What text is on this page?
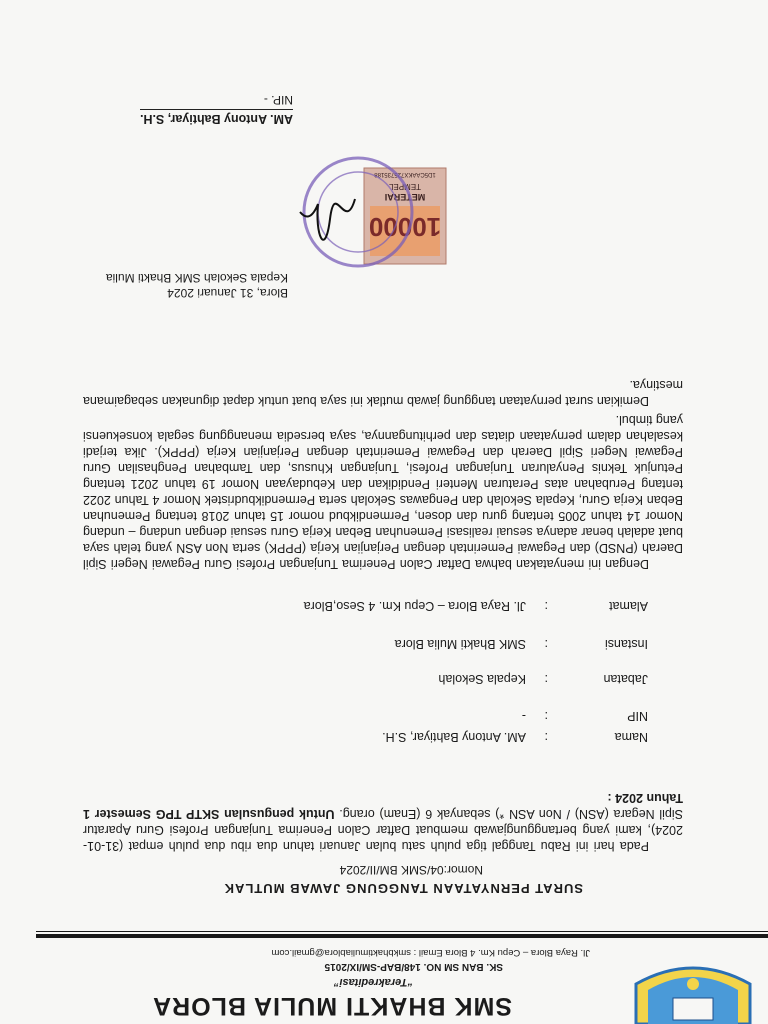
SMK BHAKTI MULIA BLORA
“Terakreditasi”
SK. BAN SM NO. 148/BAP-SM/IX/2015
Jl. Raya Blora – Cepu Km. 4 Blora Email : smkbhaktimuliablora@gmail.com
SURAT PERNYATAAN TANGGUNG JAWAB MUTLAK
Nomor:04/SMK BM/II/2024
Pada hari ini Rabu Tanggal tiga puluh satu bulan Januari tahun dua ribu dua puluh empat (31-01-2024), kami yang bertanggungjawab membuat Daftar Calon Penerima Tunjangan Profesi Guru Aparatur Sipil Negara (ASN) / Non ASN *) sebanyak 6 (Enam) orang. Untuk pengusulan SKTP TPG Semester 1 Tahun 2024 :
Nama:AM. Antony Bahtiyar, S.H.
NIP:-
Jabatan:Kepala Sekolah
Instansi:SMK Bhakti Mulia Blora
Alamat:Jl. Raya Blora – Cepu Km. 4 Seso,Blora
Dengan ini menyatakan bahwa Daftar Calon Penerima Tunjangan Profesi Guru Pegawai Negeri Sipil Daerah (PNSD) dan Pegawai Pemerintah dengan Perjanjian Kerja (PPPK) serta Non ASN yang telah saya buat adalah benar adanya sesuai realisasi Pemenuhan Beban Kerja Guru sesuai dengan undang – undang Nomor 14 tahun 2005 tentang guru dan dosen, Permendikbud nomor 15 tahun 2018 tentang Pemenuhan Beban Kerja Guru, Kepala Sekolah dan Pengawas Sekolah serta Permendikbudristek Nomor 4 Tahun 2022 tentang Perubahan atas Peraturan Menteri Pendidikan dan Kebudayaan Nomor 19 tahun 2021 tentang Petunjuk Teknis Penyaluran Tunjangan Profesi, Tunjangan Khusus, dan Tambahan Penghasilan Guru Pegawai Negeri Sipil Daerah dan Pegawai Pemerintah dengan Perjanjian Kerja (PPPK). Jika terjadi kesalahan dalam pernyataan diatas dan perhitungannya, saya bersedia menanggung segala konsekuensi yang timbul.
Demikian surat pernyataan tanggung jawab mutlak ini saya buat untuk dapat digunakan sebagaimana mestinya.
Blora, 31 Januari 2024
Kepala Sekolah SMK Bhakti Mulia
10000
METERAI
TEMPEL
1D5CAAKX725735188
AM. Antony Bahtiyar, S.H.
NIP. -
